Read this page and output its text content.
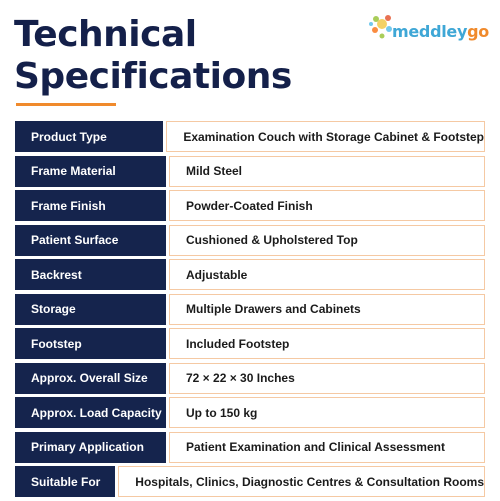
Technical
Specifications
meddleygo
Product Type	Examination Couch with Storage Cabinet & Footstep
Frame Material	Mild Steel
Frame Finish	Powder-Coated Finish
Patient Surface	Cushioned & Upholstered Top
Backrest	Adjustable
Storage	Multiple Drawers and Cabinets
Footstep	Included Footstep
Approx. Overall Size	72 × 22 × 30 Inches
Approx. Load Capacity	Up to 150 kg
Primary Application	Patient Examination and Clinical Assessment
Suitable For	Hospitals, Clinics, Diagnostic Centres & Consultation Rooms
